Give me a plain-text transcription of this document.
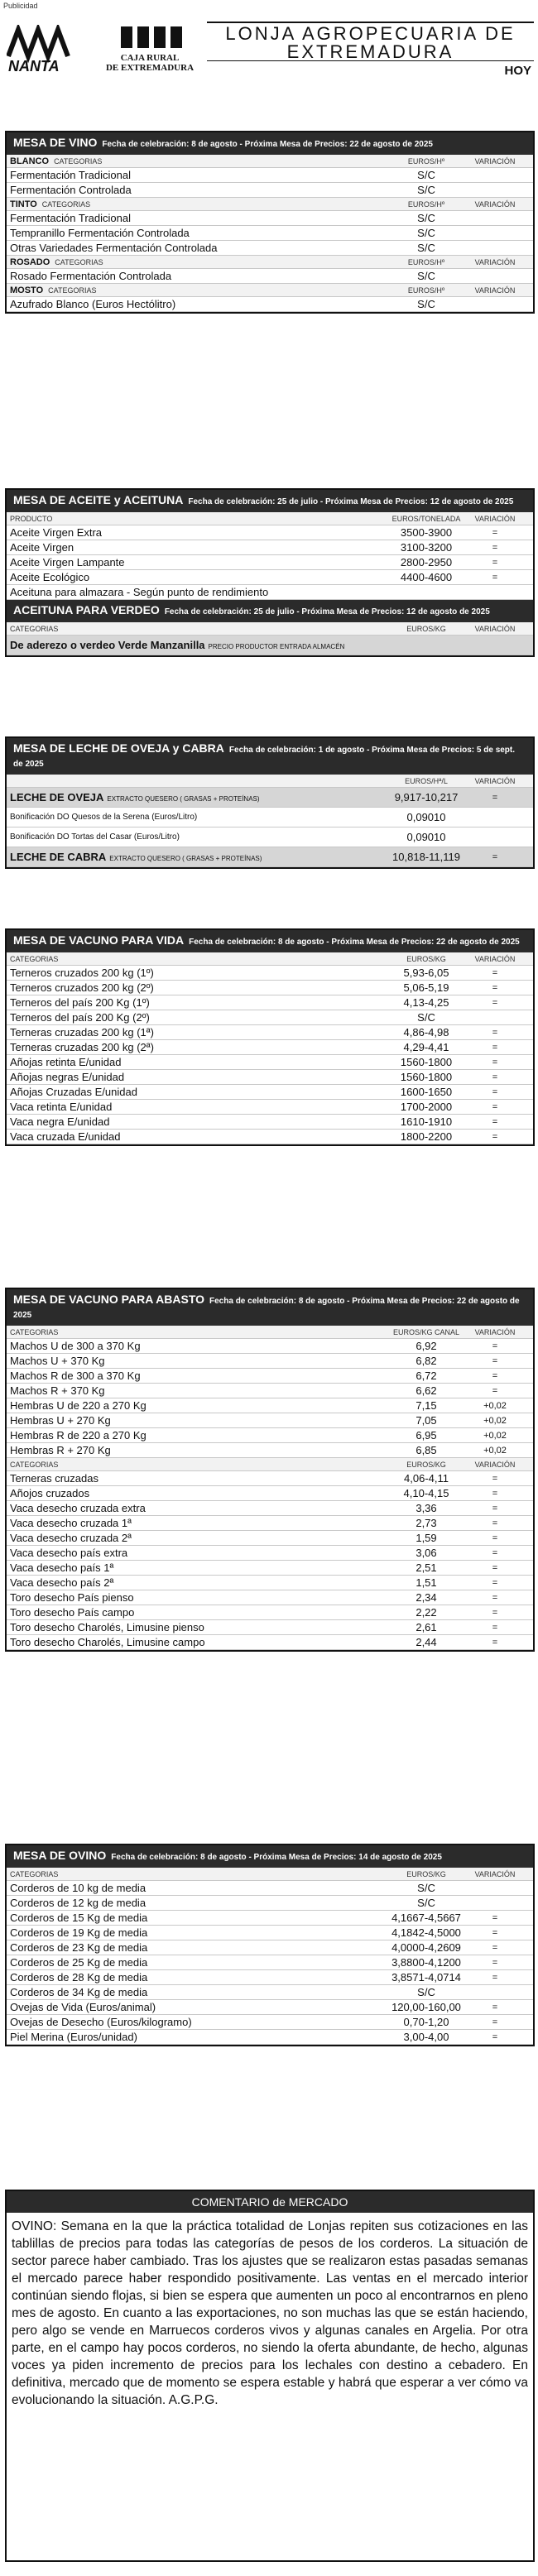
Publicidad
NANTA	CAJA RURAL
DE EXTREMADURA
LONJA AGROPECUARIA DE
EXTREMADURA
HOY
MESA DE VINO Fecha de celebración: 8 de agosto - Próxima Mesa de Precios: 22 de agosto de 2025
BLANCO CATEGORIAS	EUROS/Hº	VARIACIÓN
Fermentación Tradicional	S/C
Fermentación Controlada	S/C
TINTO CATEGORIAS	EUROS/Hº	VARIACIÓN
Fermentación Tradicional	S/C
Tempranillo Fermentación Controlada	S/C
Otras Variedades Fermentación Controlada	S/C
ROSADO CATEGORIAS	EUROS/Hº	VARIACIÓN
Rosado Fermentación Controlada	S/C
MOSTO CATEGORIAS	EUROS/Hº	VARIACIÓN
Azufrado Blanco (Euros Hectólitro)	S/C
MESA DE ACEITE y ACEITUNA Fecha de celebración: 25 de julio - Próxima Mesa de Precios: 12 de agosto de 2025
PRODUCTO	EUROS/TONELADA	VARIACIÓN
Aceite Virgen Extra	3500-3900	=
Aceite Virgen	3100-3200	=
Aceite Virgen Lampante	2800-2950	=
Aceite Ecológico	4400-4600	=
Aceituna para almazara - Según punto de rendimiento
ACEITUNA PARA VERDEO Fecha de celebración: 25 de julio - Próxima Mesa de Precios: 12 de agosto de 2025
CATEGORIAS	EUROS/KG	VARIACIÓN
De aderezo o verdeo Verde Manzanilla PRECIO PRODUCTOR ENTRADA ALMACÉN
MESA DE LECHE DE OVEJA y CABRA Fecha de celebración: 1 de agosto - Próxima Mesa de Precios: 5 de sept. de 2025
EUROS/Hª/L	VARIACIÓN
LECHE DE OVEJA EXTRACTO QUESERO ( GRASAS + PROTEÍNAS)	9,917-10,217	=
Bonificación DO Quesos de la Serena (Euros/Litro)	0,09010
Bonificación DO Tortas del Casar (Euros/Litro)	0,09010
LECHE DE CABRA EXTRACTO QUESERO ( GRASAS + PROTEÍNAS)	10,818-11,119	=
MESA DE VACUNO PARA VIDA Fecha de celebración: 8 de agosto - Próxima Mesa de Precios: 22 de agosto de 2025
CATEGORIAS	EUROS/KG	VARIACIÓN
Terneros cruzados 200 kg (1º)	5,93-6,05	=
Terneros cruzados 200 kg (2º)	5,06-5,19	=
Terneros del país 200 Kg (1º)	4,13-4,25	=
Terneros del país 200 Kg (2º)	S/C
Terneras cruzadas 200 kg (1ª)	4,86-4,98	=
Terneras cruzadas 200 kg (2ª)	4,29-4,41	=
Añojas retinta E/unidad	1560-1800	=
Añojas negras E/unidad	1560-1800	=
Añojas Cruzadas E/unidad	1600-1650	=
Vaca retinta E/unidad	1700-2000	=
Vaca negra E/unidad	1610-1910	=
Vaca cruzada E/unidad	1800-2200	=
MESA DE VACUNO PARA ABASTO Fecha de celebración: 8 de agosto - Próxima Mesa de Precios: 22 de agosto de 2025
CATEGORIAS	EUROS/KG CANAL	VARIACIÓN
Machos U de 300 a 370 Kg	6,92	=
Machos U + 370 Kg	6,82	=
Machos R de 300 a 370 Kg	6,72	=
Machos R + 370 Kg	6,62	=
Hembras U de 220 a 270 Kg	7,15	+0,02
Hembras U + 270 Kg	7,05	+0,02
Hembras R de 220 a 270 Kg	6,95	+0,02
Hembras R + 270 Kg	6,85	+0,02
CATEGORIAS	EUROS/KG	VARIACIÓN
Terneras cruzadas	4,06-4,11	=
Añojos cruzados	4,10-4,15	=
Vaca desecho cruzada extra	3,36	=
Vaca desecho cruzada 1ª	2,73	=
Vaca desecho cruzada 2ª	1,59	=
Vaca desecho país extra	3,06	=
Vaca desecho país 1ª	2,51	=
Vaca desecho país 2ª	1,51	=
Toro desecho País pienso	2,34	=
Toro desecho País campo	2,22	=
Toro desecho Charolés, Limusine pienso	2,61	=
Toro desecho Charolés, Limusine campo	2,44	=
MESA DE OVINO Fecha de celebración: 8 de agosto - Próxima Mesa de Precios: 14 de agosto de 2025
CATEGORIAS	EUROS/KG	VARIACIÓN
Corderos de 10 kg de media	S/C
Corderos de 12 kg de media	S/C
Corderos de 15 Kg de media	4,1667-4,5667	=
Corderos de 19 Kg de media	4,1842-4,5000	=
Corderos de 23 Kg de media	4,0000-4,2609	=
Corderos de 25 Kg de media	3,8800-4,1200	=
Corderos de 28 Kg de media	3,8571-4,0714	=
Corderos de 34 Kg de media	S/C
Ovejas de Vida (Euros/animal)	120,00-160,00	=
Ovejas de Desecho (Euros/kilogramo)	0,70-1,20	=
Piel Merina (Euros/unidad)	3,00-4,00	=
COMENTARIO de MERCADO
OVINO: Semana en la que la práctica totalidad de Lonjas repiten sus cotizaciones en las tablillas de precios para todas las categorías de pesos de los corderos. La situación de sector parece haber cambiado. Tras los ajustes que se realizaron estas pasadas semanas el mercado parece haber respondido positivamente. Las ventas en el mercado interior continúan siendo flojas, si bien se espera que aumenten un poco al encontrarnos en pleno mes de agosto. En cuanto a las exportaciones, no son muchas las que se están haciendo, pero algo se vende en Marruecos corderos vivos y algunas canales en Argelia. Por otra parte, en el campo hay pocos corderos, no siendo la oferta abundante, de hecho, algunas voces ya piden incremento de precios para los lechales con destino a cebadero. En definitiva, mercado que de momento se espera estable y habrá que esperar a ver cómo va evolucionando la situación. A.G.P.G.
